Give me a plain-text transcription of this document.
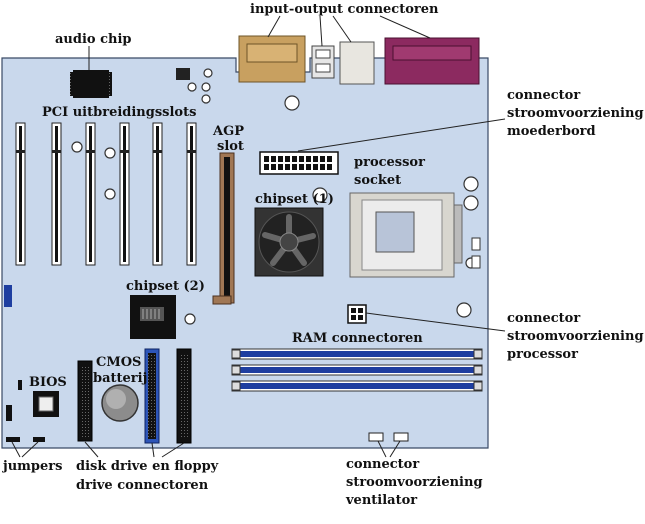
input-output connectoren
audio chip
PCI uitbreidingsslots
AGP
slot
connector
stroomvoorziening
moederbord
processor
socket
chipset (1)
chipset (2)
connector
stroomvoorziening
processor
RAM connectoren
CMOS
batterij
BIOS
jumpers disk drive en floppy
drive connectoren
connector
stroomvoorziening
ventilator
